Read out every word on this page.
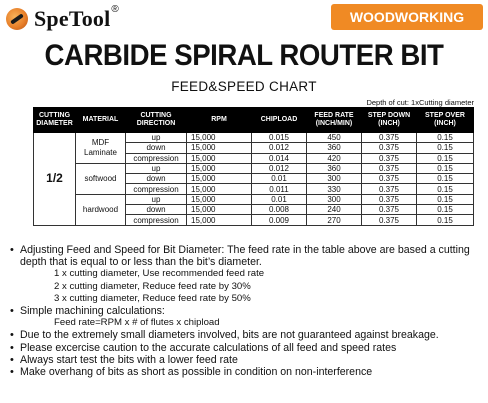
SpeTool®	WOODWORKING
CARBIDE SPIRAL ROUTER BIT
FEED&SPEED CHART
Depth of cut: 1xCutting diameter
CUTTING DIAMETER	MATERIAL	CUTTING DIRECTION	RPM	CHIPLOAD	FEED RATE (INCH/MIN)	STEP DOWN (INCH)	STEP OVER (INCH)
1/2	MDF Laminate	up	15,000	0.015	450	0.375	0.15
		down	15,000	0.012	360	0.375	0.15
		compression	15,000	0.014	420	0.375	0.15
	softwood	up	15,000	0.012	360	0.375	0.15
		down	15,000	0.01	300	0.375	0.15
		compression	15,000	0.011	330	0.375	0.15
	hardwood	up	15,000	0.01	300	0.375	0.15
		down	15,000	0.008	240	0.375	0.15
		compression	15,000	0.009	270	0.375	0.15
• Adjusting Feed and Speed for Bit Diameter: The feed rate in the table above are based a cutting depth that is equal to or less than the bit’s diameter.
1 x cutting diameter, Use recommended feed rate
2 x cutting diameter, Reduce feed rate by 30%
3 x cutting diameter, Reduce feed rate by 50%
• Simple machining calculations:
Feed rate=RPM x # of flutes x chipload
• Due to the extremely small diameters involved, bits are not guaranteed against breakage.
• Please excercise caution to the accurate calculations of all feed and speed rates
• Always start test the bits with a lower feed rate
• Make overhang of bits as short as possible in condition on non-interference
